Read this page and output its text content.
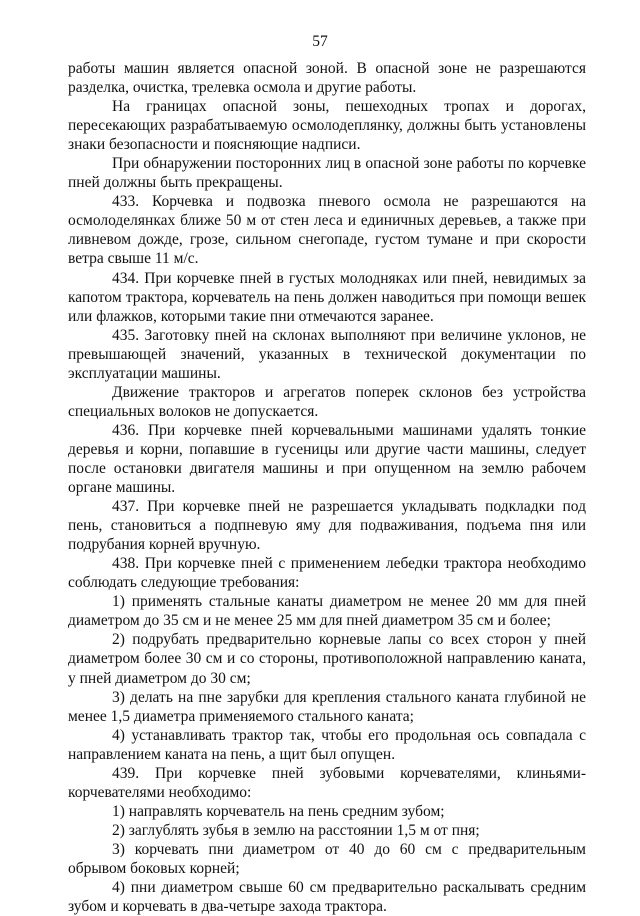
57

работы машин является опасной зоной. В опасной зоне не разрешаются разделка, очистка, трелевка осмола и другие работы.

На границах опасной зоны, пешеходных тропах и дорогах, пересекающих разрабатываемую осмолодеплянку, должны быть установлены знаки безопасности и поясняющие надписи.

При обнаружении посторонних лиц в опасной зоне работы по корчевке пней должны быть прекращены.

433. Корчевка и подвозка пневого осмола не разрешаются на осмолоделянках ближе 50 м от стен леса и единичных деревьев, а также при ливневом дожде, грозе, сильном снегопаде, густом тумане и при скорости ветра свыше 11 м/с.

434. При корчевке пней в густых молодняках или пней, невидимых за капотом трактора, корчеватель на пень должен наводиться при помощи вешек или флажков, которыми такие пни отмечаются заранее.

435. Заготовку пней на склонах выполняют при величине уклонов, не превышающей значений, указанных в технической документации по эксплуатации машины.

Движение тракторов и агрегатов поперек склонов без устройства специальных волоков не допускается.

436. При корчевке пней корчевальными машинами удалять тонкие деревья и корни, попавшие в гусеницы или другие части машины, следует после остановки двигателя машины и при опущенном на землю рабочем органе машины.

437. При корчевке пней не разрешается укладывать подкладки под пень, становиться а подпневую яму для подваживания, подъема пня или подрубания корней вручную.

438. При корчевке пней с применением лебедки трактора необходимо соблюдать следующие требования:

1) применять стальные канаты диаметром не менее 20 мм для пней диаметром до 35 см и не менее 25 мм для пней диаметром 35 см и более;

2) подрубать предварительно корневые лапы со всех сторон у пней диаметром более 30 см и со стороны, противоположной направлению каната, у пней диаметром до 30 см;

3) делать на пне зарубки для крепления стального каната глубиной не менее 1,5 диаметра применяемого стального каната;

4) устанавливать трактор так, чтобы его продольная ось совпадала с направлением каната на пень, а щит был опущен.

439. При корчевке пней зубовыми корчевателями, клиньями-корчевателями необходимо:

1) направлять корчеватель на пень средним зубом;

2) заглублять зубья в землю на расстоянии 1,5 м от пня;

3) корчевать пни диаметром от 40 до 60 см с предварительным обрывом боковых корней;

4) пни диаметром свыше 60 см предварительно раскалывать средним зубом и корчевать в два-четыре захода трактора.
